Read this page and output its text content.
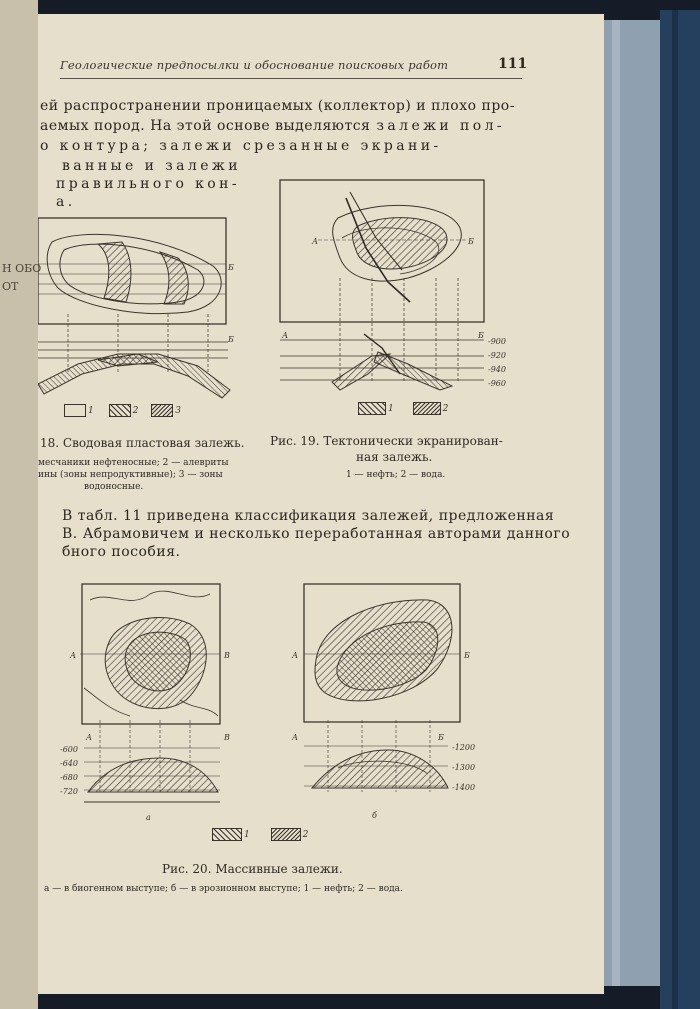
Н ОБО
ОТ
Геологические предпосылки и обоснование поисковых работ	111
ей распространении проницаемых (коллектор) и плохо про-
аемых пород. На этой основе выделяются залежи пол-
о контура; залежи срезанные экрани-
ванные и залежи
правильного кон-
а.
Б
Б
1	2	3
18. Сводовая пластовая залежь.
месчаники нефтеносные; 2 — алевриты
ины (зоны непродуктивные); 3 — зоны
водоносные.
А	Б
А	Б
-900
-920
-940
-960
1	2
Рис. 19. Тектонически экранирован-
ная залежь.
1 — нефть; 2 — вода.
В табл. 11 приведена классификация залежей, предложенная
В. Абрамовичем и несколько переработанная авторами данного
бного пособия.
А	В
А	В
-600
-640
-680
-720
а
А	Б
А	Б
-1200
-1300
-1400
б
1	2
Рис. 20. Массивные залежи.
а — в биогенном выступе; б — в эрозионном выступе; 1 — нефть; 2 — вода.
